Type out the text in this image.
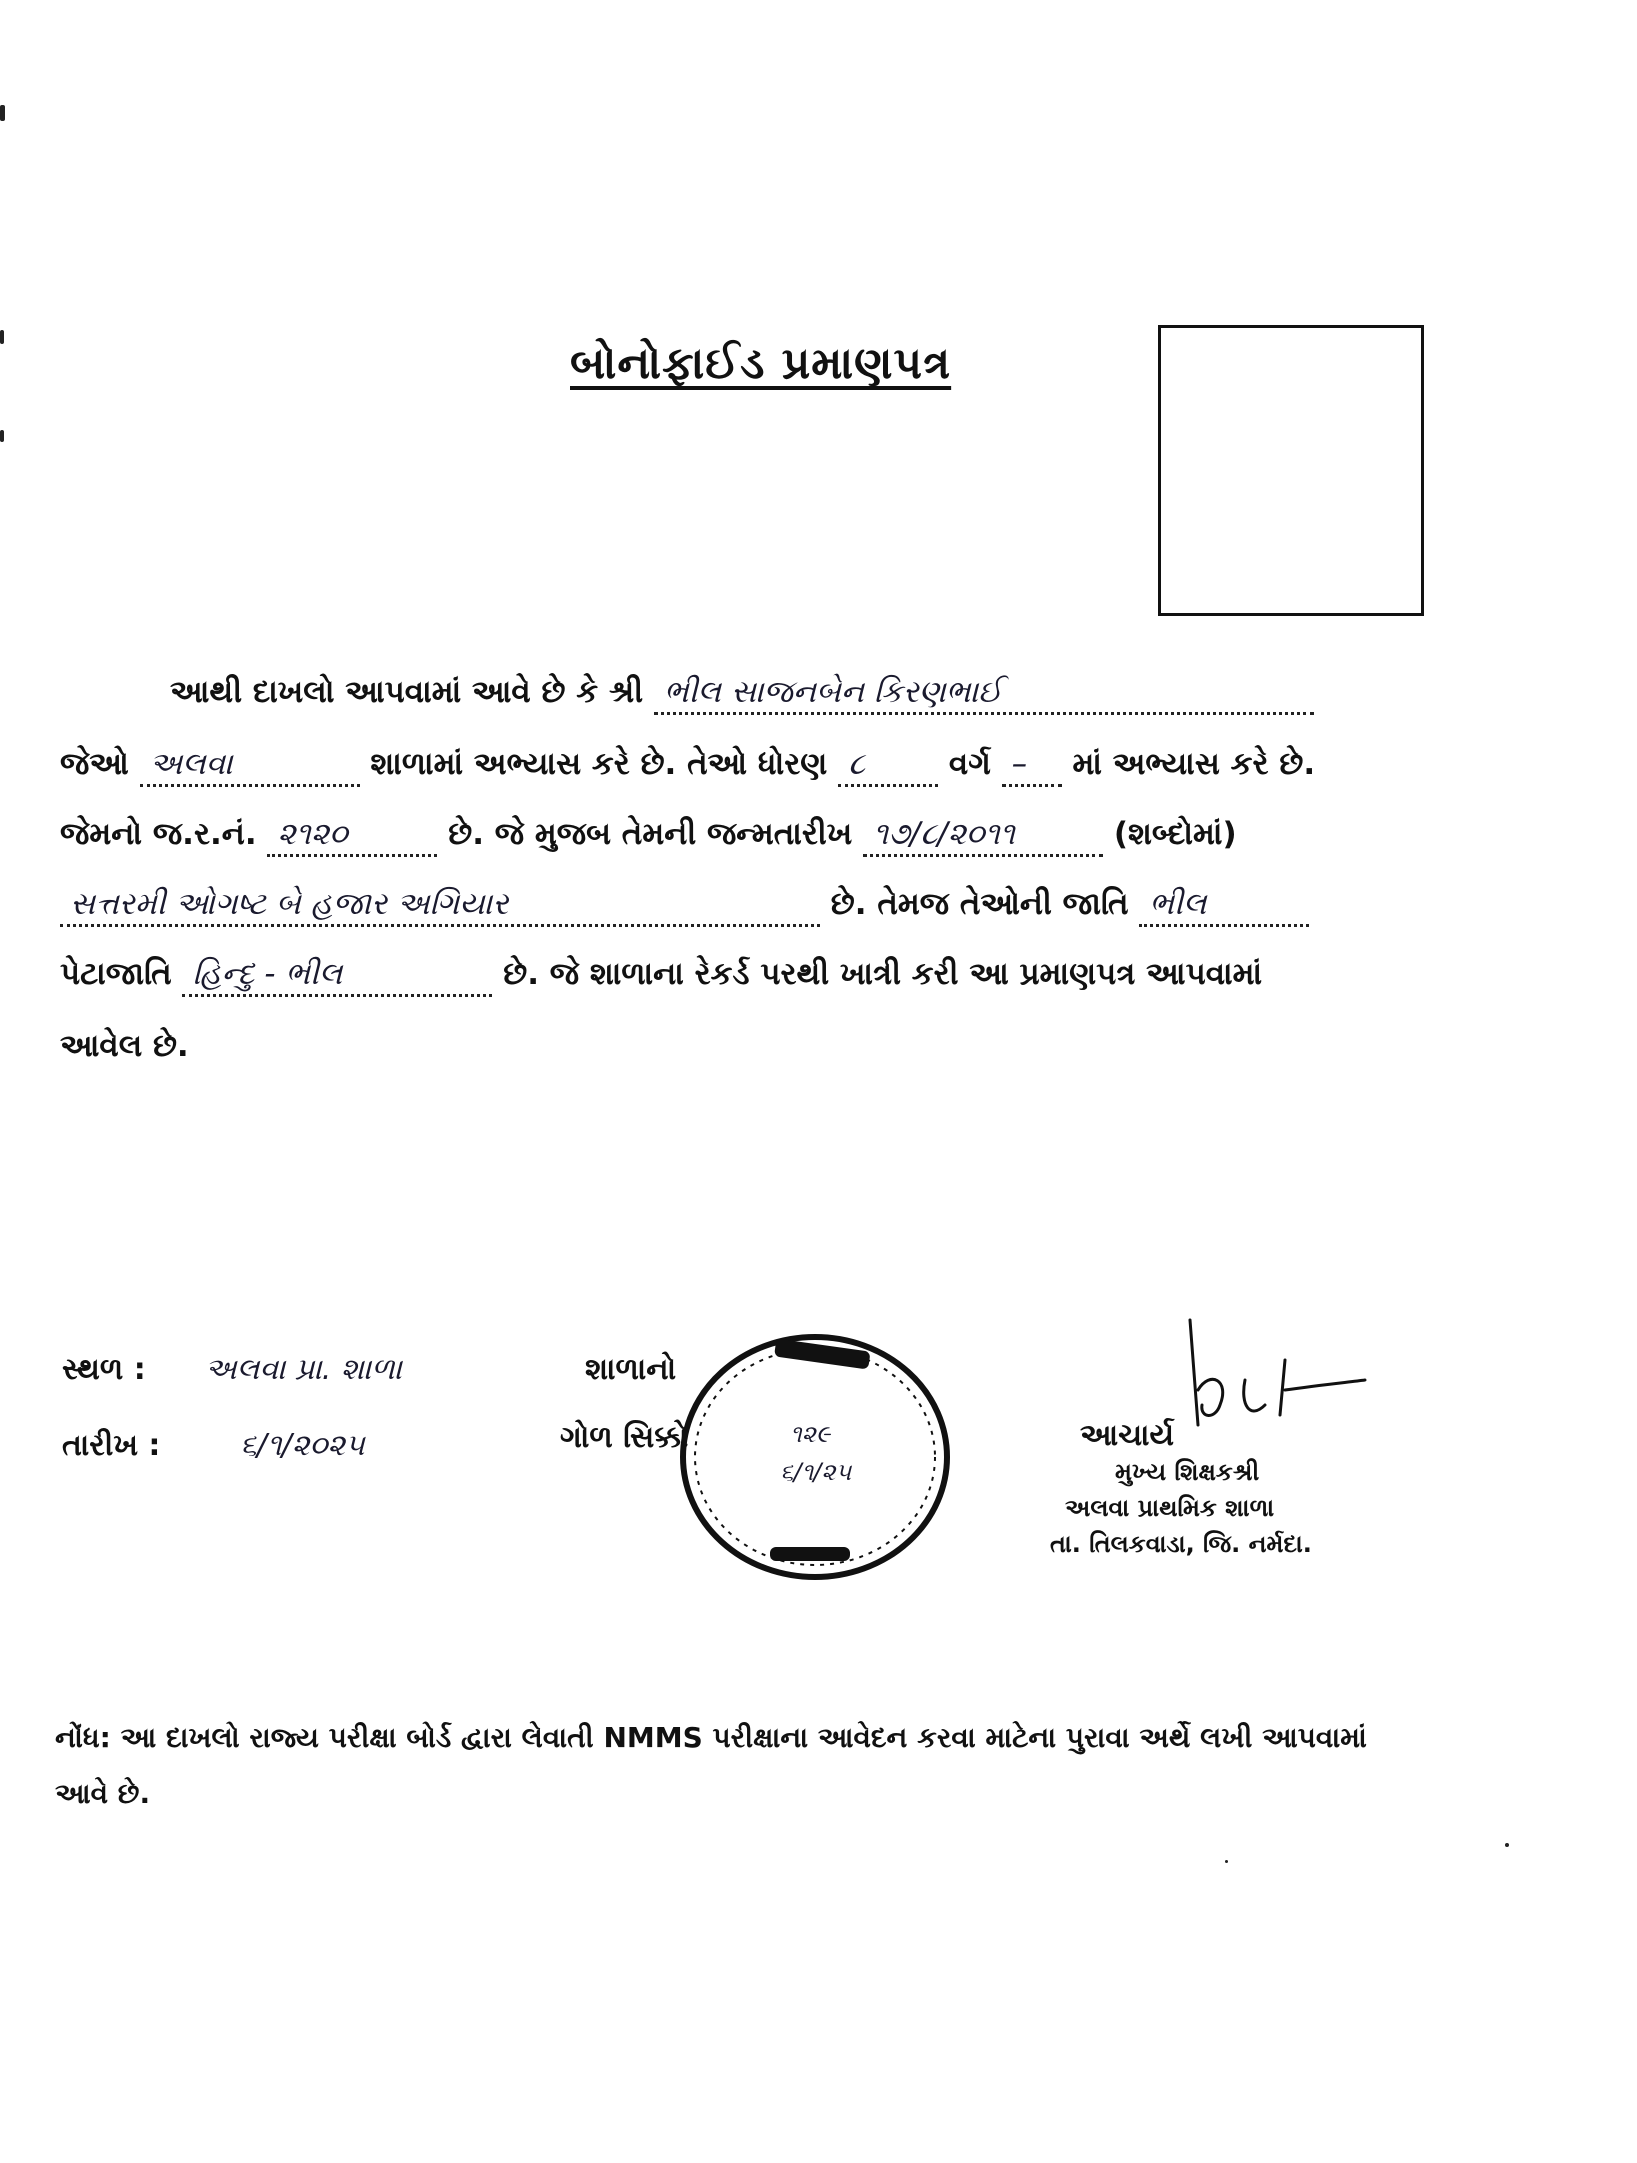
બોનોફાઈડ પ્રમાણપત્ર
આથી દાખલો આપવામાં આવે છે કે શ્રી ભીલ સાજનબેન કિરણભાઈ
જેઓ અલવા	શાળામાં અભ્યાસ કરે છે. તેઓ ધોરણ ૮	વર્ગ – માં અભ્યાસ કરે છે.
જેમનો જ.ર.નં. ૨૧૨૦	છે. જે મુજબ તેમની જન્મતારીખ ૧૭/૮/૨૦૧૧	(શબ્દોમાં)
સત્તરમી ઓગષ્ટ બે હજાર અગિયાર	છે. તેમજ તેઓની જાતિ ભીલ
પેટાજાતિ હિન્દુ - ભીલ	છે. જે શાળાના રેકર્ડ પરથી ખાત્રી કરી આ પ્રમાણપત્ર આપવામાં
આવેલ છે.
સ્થળ : અલવા પ્રા. શાળા
તારીખ :	૬/૧/૨૦૨૫
શાળાનો
ગોળ સિક્કો	૧૨૯
૬/૧/૨૫
આચાર્ય
મુખ્ય શિક્ષકશ્રી
અલવા પ્રાથમિક શાળા
તા. તિલકવાડા, જિ. નર્મદા.
નોંધ: આ દાખલો રાજ્ય પરીક્ષા બોર્ડ દ્વારા લેવાતી NMMS પરીક્ષાના આવેદન કરવા માટેના પુરાવા અર્થે લખી આપવામાં આવે છે.
